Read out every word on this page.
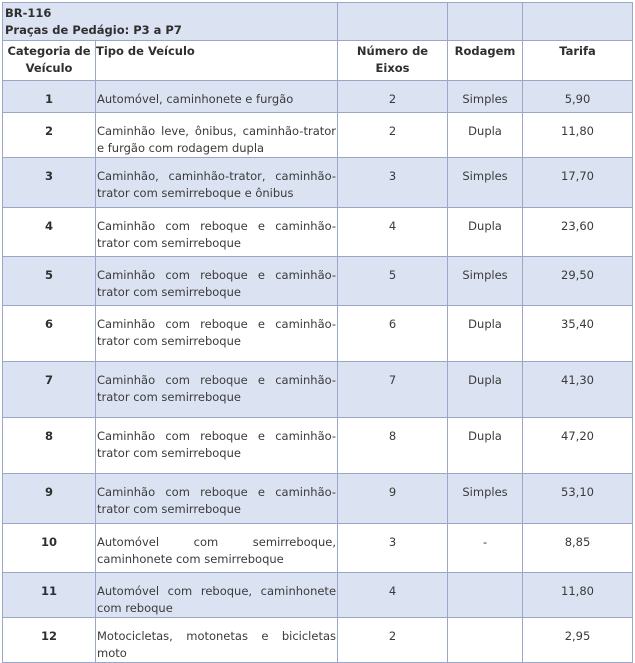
BR-116
Praças de Pedágio: P3 a P7				

Categoria de Veículo	Tipo de Veículo	Número de Eixos	Rodagem	Tarifa
1	Automóvel, caminhonete e furgão	2	Simples	5,90
2	Caminhão leve, ônibus, caminhão-trator e furgão com rodagem dupla	2	Dupla	11,80
3	Caminhão, caminhão-trator, caminhão-trator com semirreboque e ônibus	3	Simples	17,70
4	Caminhão com reboque e caminhão-trator com semirreboque	4	Dupla	23,60
5	Caminhão com reboque e caminhão-trator com semirreboque	5	Simples	29,50
6	Caminhão com reboque e caminhão-trator com semirreboque	6	Dupla	35,40
7	Caminhão com reboque e caminhão-trator com semirreboque	7	Dupla	41,30
8	Caminhão com reboque e caminhão-trator com semirreboque	8	Dupla	47,20
9	Caminhão com reboque e caminhão-trator com semirreboque	9	Simples	53,10
10	Automóvel com semirreboque, caminhonete com semirreboque	3	-	8,85
11	Automóvel com reboque, caminhonete com reboque	4		11,80
12	Motocicletas, motonetas e bicicletas moto	2		2,95
